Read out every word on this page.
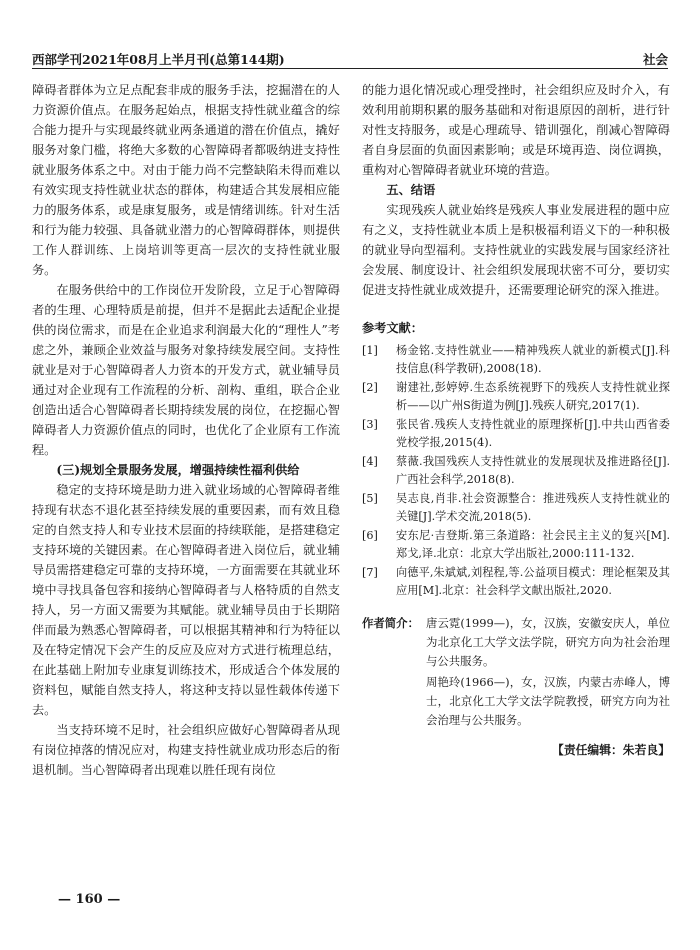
西部学刊2021年08月上半月刊(总第144期)	社会

障碍者群体为立足点配套非成的服务手法，挖掘潜在的人力资源价值点。在服务起始点，根据支持性就业蕴含的综合能力提升与实现最终就业两条通道的潜在价值点，撬好服务对象门槛，将绝大多数的心智障碍者都吸纳进支持性就业服务体系之中。对由于能力尚不完整缺陷未得而难以有效实现支持性就业状态的群体，构建适合其发展相应能力的服务体系，或是康复服务，或是情绪训练。针对生活和行为能力较强、具备就业潜力的心智障碍群体，则提供工作人群训练、上岗培训等更高一层次的支持性就业服务。

在服务供给中的工作岗位开发阶段，立足于心智障碍者的生理、心理特质是前提，但并不是据此去适配企业提供的岗位需求，而是在企业追求利润最大化的“理性人”考虑之外，兼顾企业效益与服务对象持续发展空间。支持性就业是对于心智障碍者人力资本的开发方式，就业辅导员通过对企业现有工作流程的分析、剖构、重组，联合企业创造出适合心智障碍者长期持续发展的岗位，在挖掘心智障碍者人力资源价值点的同时，也优化了企业原有工作流程。

(三)规划全景服务发展，增强持续性福利供给

稳定的支持环境是助力进入就业场域的心智障碍者维持现有状态不退化甚至持续发展的重要因素，而有效且稳定的自然支持人和专业技术层面的持续联能，是搭建稳定支持环境的关键因素。在心智障碍者进入岗位后，就业辅导员需搭建稳定可靠的支持环境，一方面需要在其就业环境中寻找具备包容和接纳心智障碍者与人格特质的自然支持人，另一方面又需要为其赋能。就业辅导员由于长期陪伴而最为熟悉心智障碍者，可以根据其精神和行为特征以及在特定情况下会产生的反应及应对方式进行梳理总结，在此基础上附加专业康复训练技术，形成适合个体发展的资料包，赋能自然支持人，将这种支持以显性载体传递下去。

当支持环境不足时，社会组织应做好心智障碍者从现有岗位掉落的情况应对，构建支持性就业成功形态后的衔退机制。当心智障碍者出现难以胜任现有岗位

的能力退化情况或心理受挫时，社会组织应及时介入，有效利用前期积累的服务基础和对衔退原因的剖析，进行针对性支持服务，或是心理疏导、错训强化，削减心智障碍者自身层面的负面因素影响；或是环境再造、岗位调换，重构对心智障碍者就业环境的营造。

五、结语

实现残疾人就业始终是残疾人事业发展进程的题中应有之义，支持性就业本质上是积极福利语义下的一种积极的就业导向型福利。支持性就业的实践发展与国家经济社会发展、制度设计、社会组织发展现状密不可分，要切实促进支持性就业成效提升，还需要理论研究的深入推进。

参考文献：
[1] 杨金铭.支持性就业——精神残疾人就业的新模式[J].科技信息(科学教研),2008(18).
[2] 谢建社,彭婷婷.生态系统视野下的残疾人支持性就业探析——以广州S街道为例[J].残疾人研究,2017(1).
[3] 张民省.残疾人支持性就业的原理探析[J].中共山西省委党校学报,2015(4).
[4] 蔡薇.我国残疾人支持性就业的发展现状及推进路径[J].广西社会科学,2018(8).
[5] 吴志良,肖非.社会资源整合：推进残疾人支持性就业的关键[J].学术交流,2018(5).
[6] 安东尼·吉登斯.第三条道路：社会民主主义的复兴[M].郑戈,译.北京：北京大学出版社,2000:111-132.
[7] 向德平,朱斌斌,刘程程,等.公益项目模式：理论框架及其应用[M].北京：社会科学文献出版社,2020.
作者简介： 唐云霓(1999—)，女，汉族，安徽安庆人，单位为北京化工大学文法学院，研究方向为社会治理与公共服务。

周艳玲(1966—)，女，汉族，内蒙古赤峰人，博士，北京化工大学文法学院教授，研究方向为社会治理与公共服务。

【责任编辑：朱若良】
— 160 —
